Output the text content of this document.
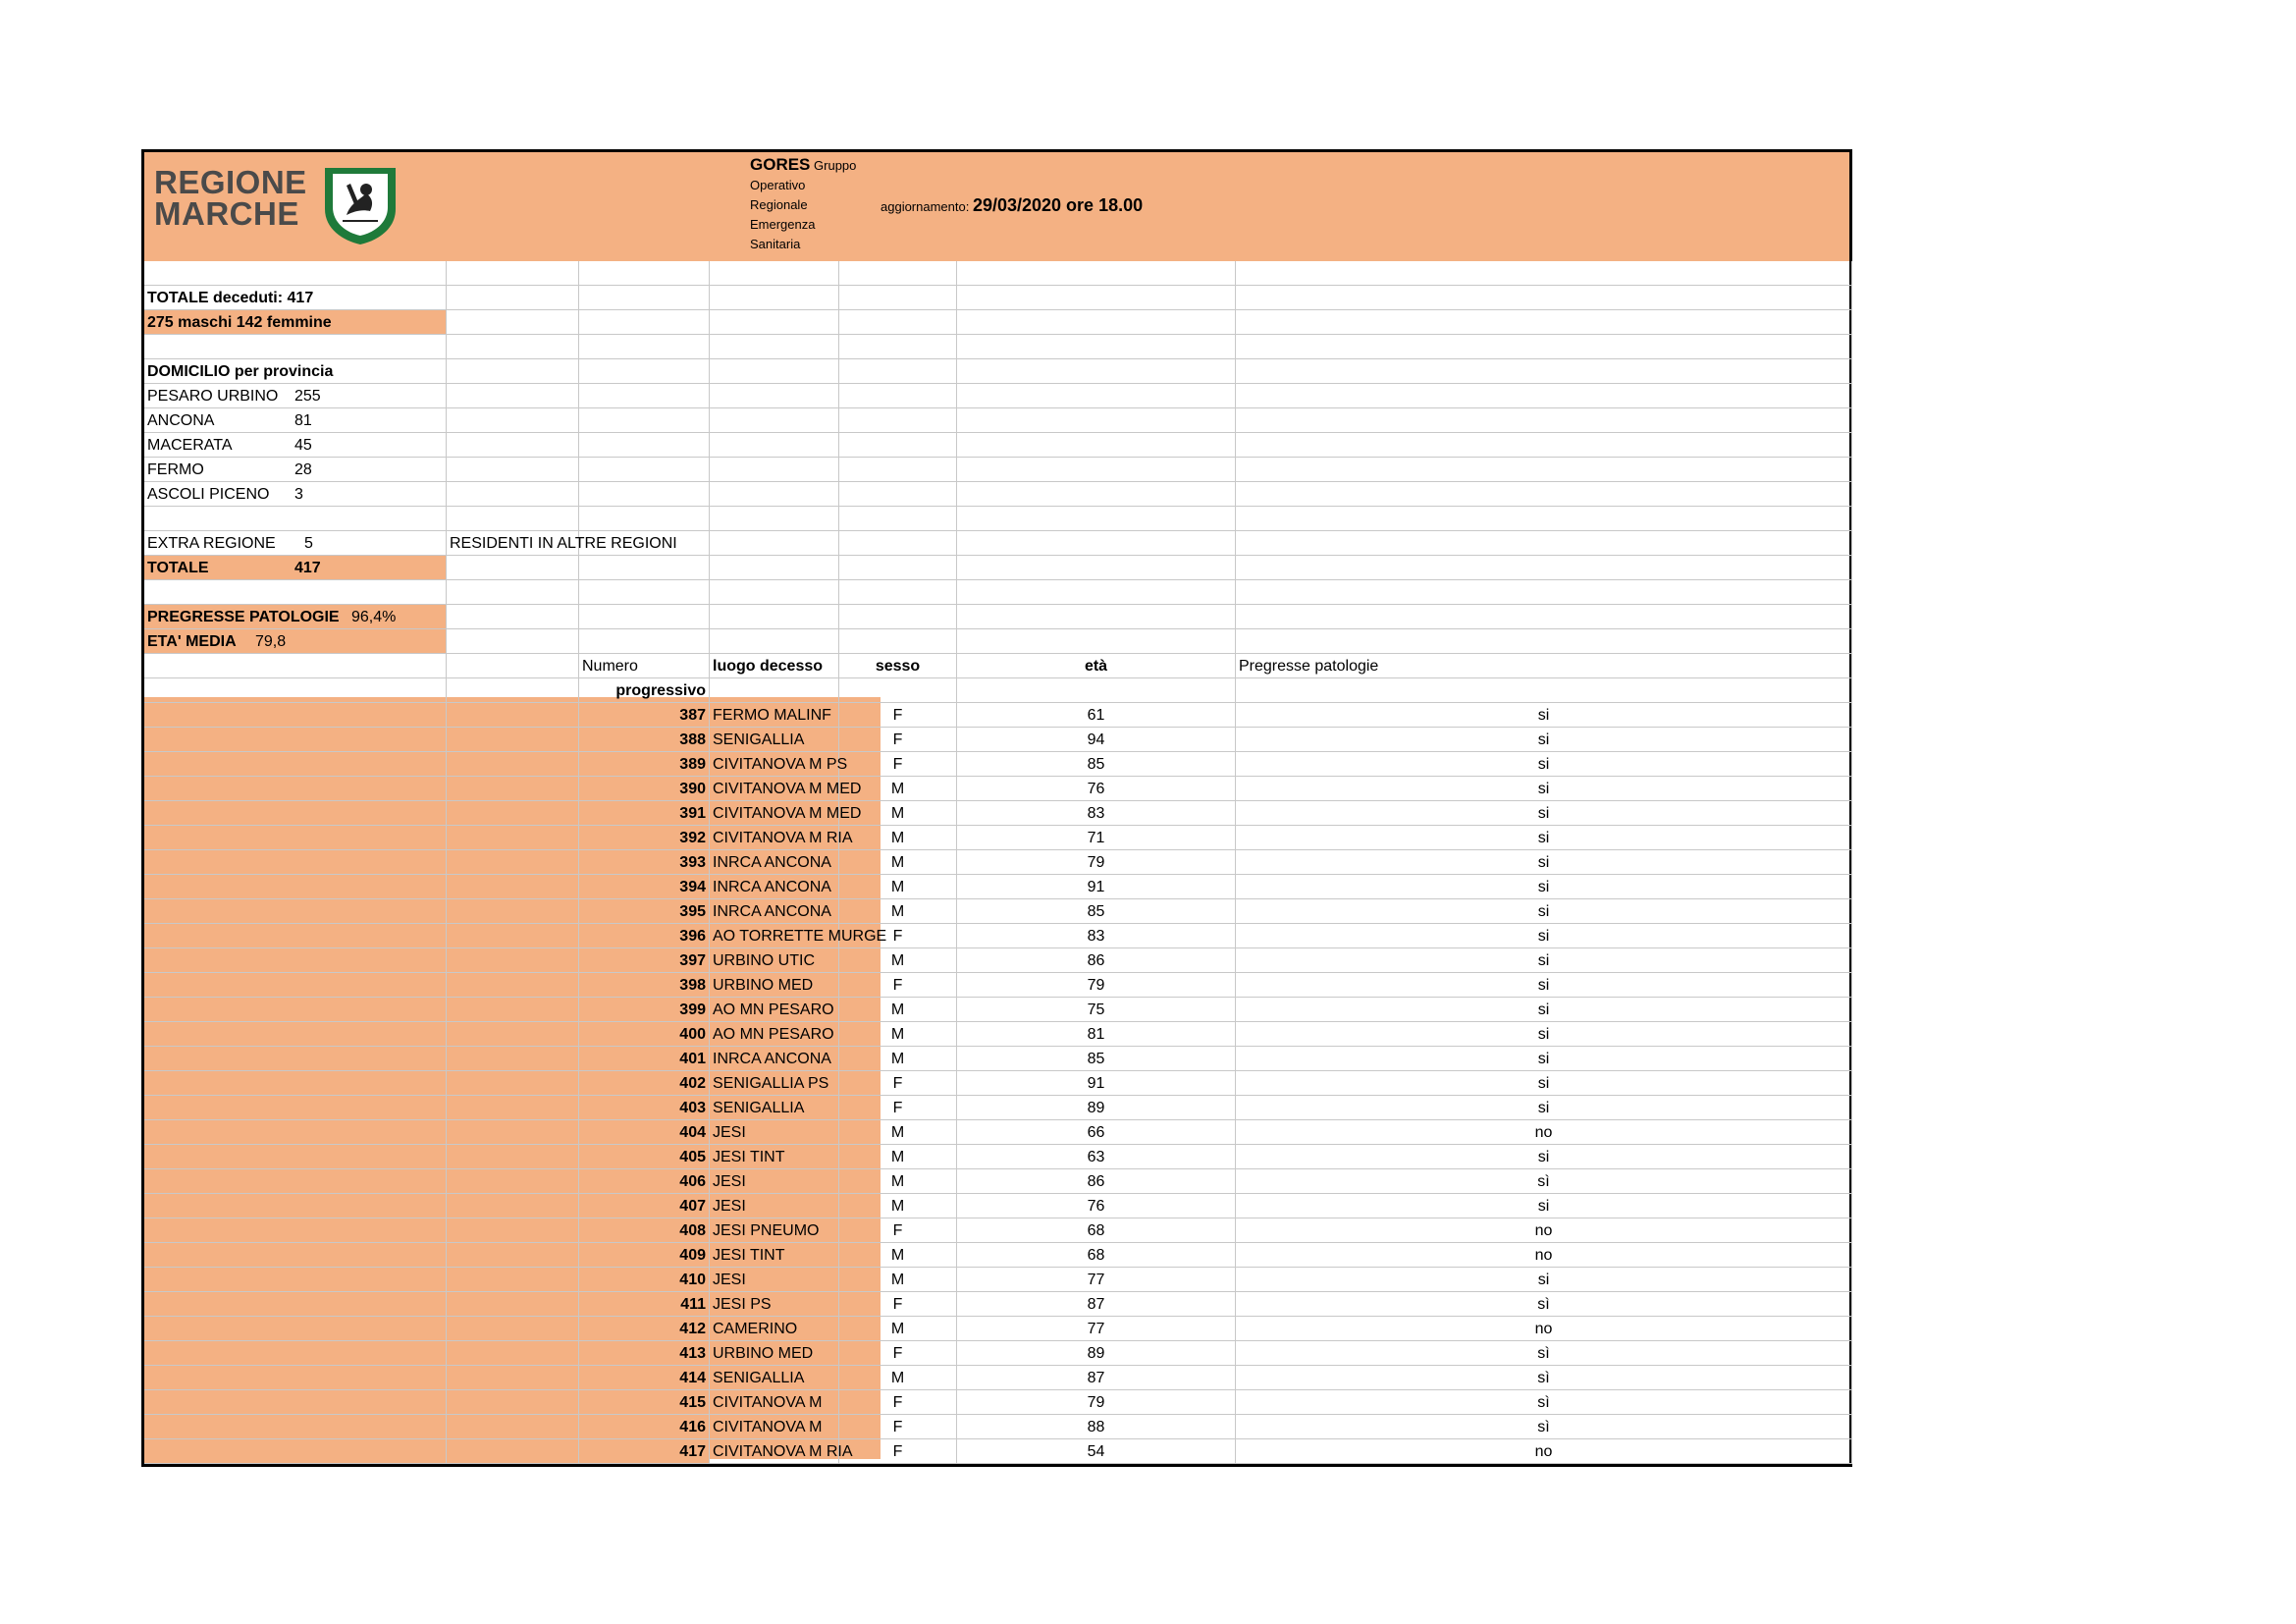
REGIONE
MARCHE
GORES Gruppo
Operativo
Regionale
Emergenza
Sanitaria
aggiornamento: 29/03/2020 ore 18.00
TOTALE deceduti: 417
275 maschi 142 femmine
DOMICILIO per provincia
PESARO URBINO 255
ANCONA	81
MACERATA	45
FERMO	28
ASCOLI PICENO 3
EXTRA REGIONE 5	RESIDENTI IN ALTRE REGIONI
TOTALE	417
PREGRESSE PATOLOGIE 96,4%
ETA' MEDIA 79,8
Numero	luogo decesso	sesso	età	Pregresse patologie
progressivo
387 FERMO MALINF	F	61	si
388 SENIGALLIA	F	94	si
389 CIVITANOVA M PS	F	85	si
390 CIVITANOVA M MED	M	76	si
391 CIVITANOVA M MED	M	83	si
392 CIVITANOVA M RIA	M	71	si
393 INRCA ANCONA	M	79	si
394 INRCA ANCONA	M	91	si
395 INRCA ANCONA	M	85	si
396 AO TORRETTE MURGE F	83	si
397 URBINO UTIC	M	86	si
398 URBINO MED	F	79	si
399 AO MN PESARO	M	75	si
400 AO MN PESARO	M	81	si
401 INRCA ANCONA	M	85	si
402 SENIGALLIA PS	F	91	si
403 SENIGALLIA	F	89	si
404 JESI	M	66	no
405 JESI TINT	M	63	si
406 JESI	M	86	sì
407 JESI	M	76	si
408 JESI PNEUMO	F	68	no
409 JESI TINT	M	68	no
410 JESI	M	77	si
411 JESI PS	F	87	sì
412 CAMERINO	M	77	no
413 URBINO MED	F	89	sì
414 SENIGALLIA	M	87	sì
415 CIVITANOVA M	F	79	sì
416 CIVITANOVA M	F	88	sì
417 CIVITANOVA M RIA	F	54	no
